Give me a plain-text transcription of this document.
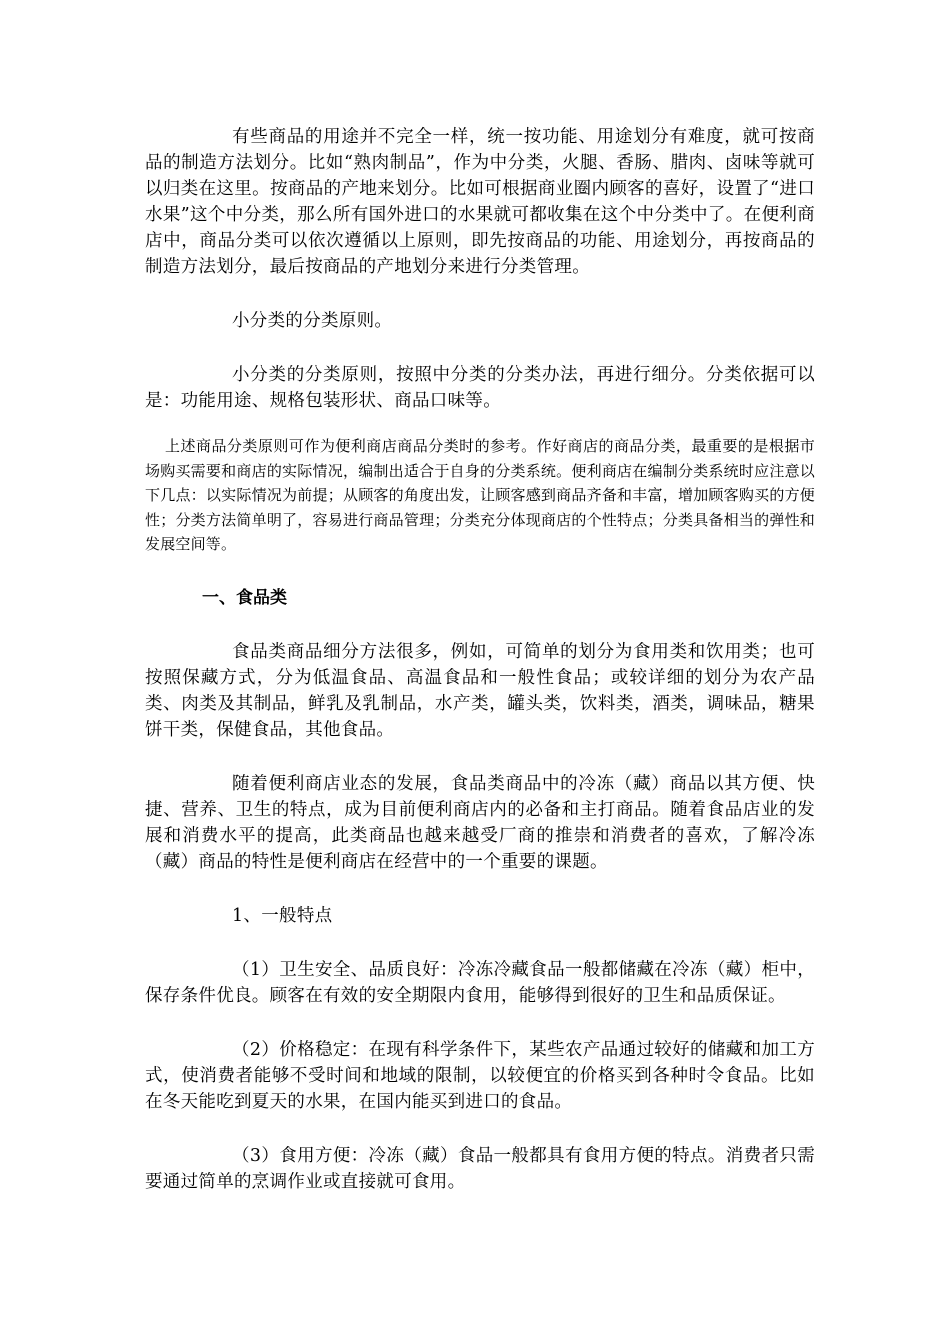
有些商品的用途并不完全一样，统一按功能、用途划分有难度，就可按商品的制造方法划分。比如“熟肉制品”，作为中分类，火腿、香肠、腊肉、卤味等就可以归类在这里。按商品的产地来划分。比如可根据商业圈内顾客的喜好，设置了“进口水果”这个中分类，那么所有国外进口的水果就可都收集在这个中分类中了。在便利商店中，商品分类可以依次遵循以上原则，即先按商品的功能、用途划分，再按商品的制造方法划分，最后按商品的产地划分来进行分类管理。

小分类的分类原则。

小分类的分类原则，按照中分类的分类办法，再进行细分。分类依据可以是：功能用途、规格包装形状、商品口味等。

上述商品分类原则可作为便利商店商品分类时的参考。作好商店的商品分类，最重要的是根据市场购买需要和商店的实际情况，编制出适合于自身的分类系统。便利商店在编制分类系统时应注意以下几点：以实际情况为前提；从顾客的角度出发，让顾客感到商品齐备和丰富，增加顾客购买的方便性；分类方法简单明了，容易进行商品管理；分类充分体现商店的个性特点；分类具备相当的弹性和发展空间等。

一、食品类

食品类商品细分方法很多，例如，可简单的划分为食用类和饮用类；也可按照保藏方式，分为低温食品、高温食品和一般性食品；或较详细的划分为农产品类、肉类及其制品，鲜乳及乳制品，水产类，罐头类，饮料类，酒类，调味品，糖果饼干类，保健食品，其他食品。

随着便利商店业态的发展，食品类商品中的冷冻（藏）商品以其方便、快捷、营养、卫生的特点，成为目前便利商店内的必备和主打商品。随着食品店业的发展和消费水平的提高，此类商品也越来越受厂商的推崇和消费者的喜欢，了解冷冻（藏）商品的特性是便利商店在经营中的一个重要的课题。

1、一般特点

（1）卫生安全、品质良好：冷冻冷藏食品一般都储藏在冷冻（藏）柜中，保存条件优良。顾客在有效的安全期限内食用，能够得到很好的卫生和品质保证。

（2）价格稳定：在现有科学条件下，某些农产品通过较好的储藏和加工方式，使消费者能够不受时间和地域的限制，以较便宜的价格买到各种时令食品。比如在冬天能吃到夏天的水果，在国内能买到进口的食品。

（3）食用方便：冷冻（藏）食品一般都具有食用方便的特点。消费者只需要通过简单的烹调作业或直接就可食用。
